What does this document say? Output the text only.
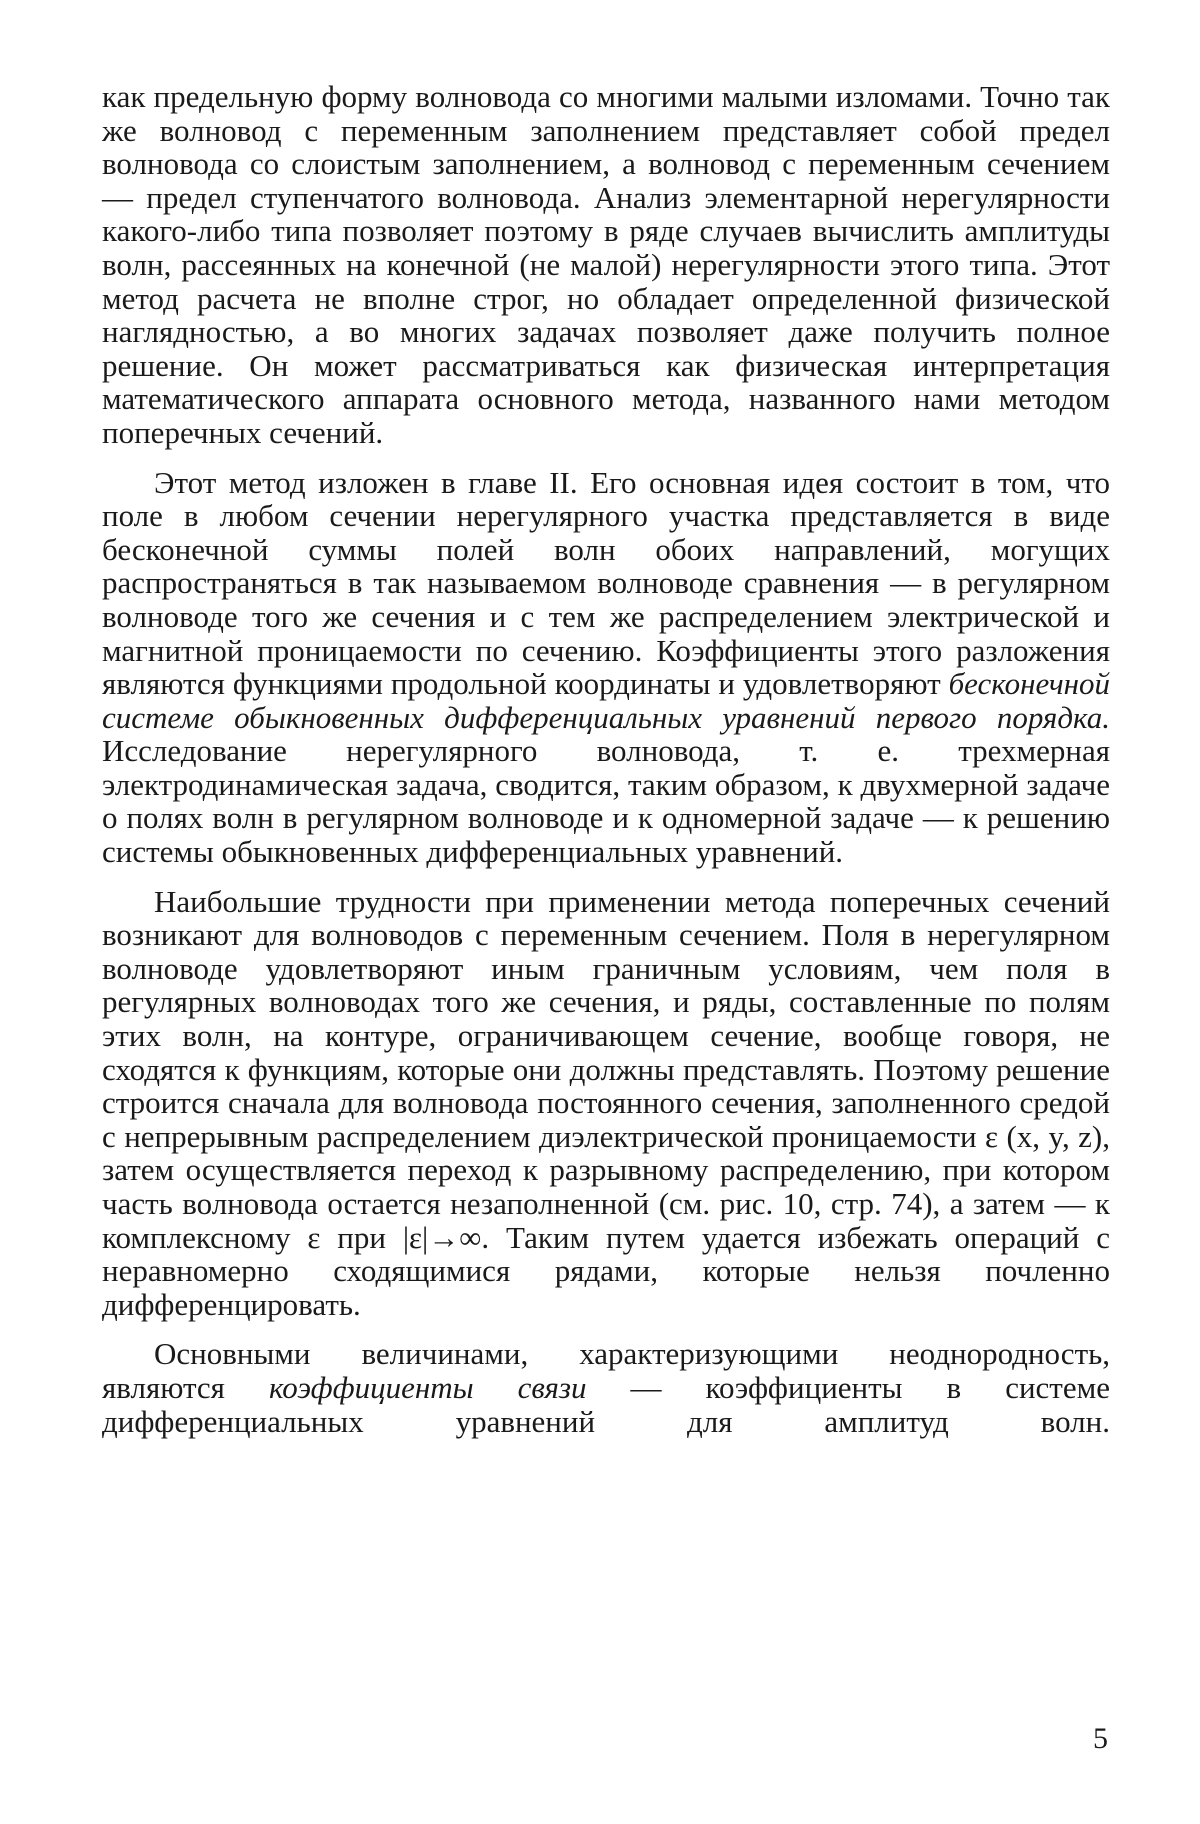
как предельную форму волновода со многими малыми изломами. Точно так же волновод с переменным заполнением представляет собой предел волновода со слоистым заполнением, а волновод с переменным сечением — предел ступенчатого волновода. Анализ элементарной нерегулярности какого-либо типа позволяет поэтому в ряде случаев вычислить амплитуды волн, рассеянных на конечной (не малой) нерегулярности этого типа. Этот метод расчета не вполне строг, но обладает определенной физической наглядностью, а во многих задачах позволяет даже получить полное решение. Он может рассматриваться как физическая интерпретация математического аппарата основного метода, названного нами методом поперечных сечений.

Этот метод изложен в главе II. Его основная идея состоит в том, что поле в любом сечении нерегулярного участка представляется в виде бесконечной суммы полей волн обоих направлений, могущих распространяться в так называемом волноводе сравнения — в регулярном волноводе того же сечения и с тем же распределением электрической и магнитной проницаемости по сечению. Коэффициенты этого разложения являются функциями продольной координаты и удовлетворяют бесконечной системе обыкновенных дифференциальных уравнений первого порядка. Исследование нерегулярного волновода, т. е. трехмерная электродинамическая задача, сводится, таким образом, к двухмерной задаче о полях волн в регулярном волноводе и к одномерной задаче — к решению системы обыкновенных дифференциальных уравнений.

Наибольшие трудности при применении метода поперечных сечений возникают для волноводов с переменным сечением. Поля в нерегулярном волноводе удовлетворяют иным граничным условиям, чем поля в регулярных волноводах того же сечения, и ряды, составленные по полям этих волн, на контуре, ограничивающем сечение, вообще говоря, не сходятся к функциям, которые они должны представлять. Поэтому решение строится сначала для волновода постоянного сечения, заполненного средой с непрерывным распределением диэлектрической проницаемости ε (x, y, z), затем осуществляется переход к разрывному распределению, при котором часть волновода остается незаполненной (см. рис. 10, стр. 74), а затем — к комплексному ε при |ε|→∞. Таким путем удается избежать операций с неравномерно сходящимися рядами, которые нельзя почленно дифференцировать.

Основными величинами, характеризующими неоднородность, являются коэффициенты связи — коэффициенты в системе дифференциальных уравнений для амплитуд волн.

5
